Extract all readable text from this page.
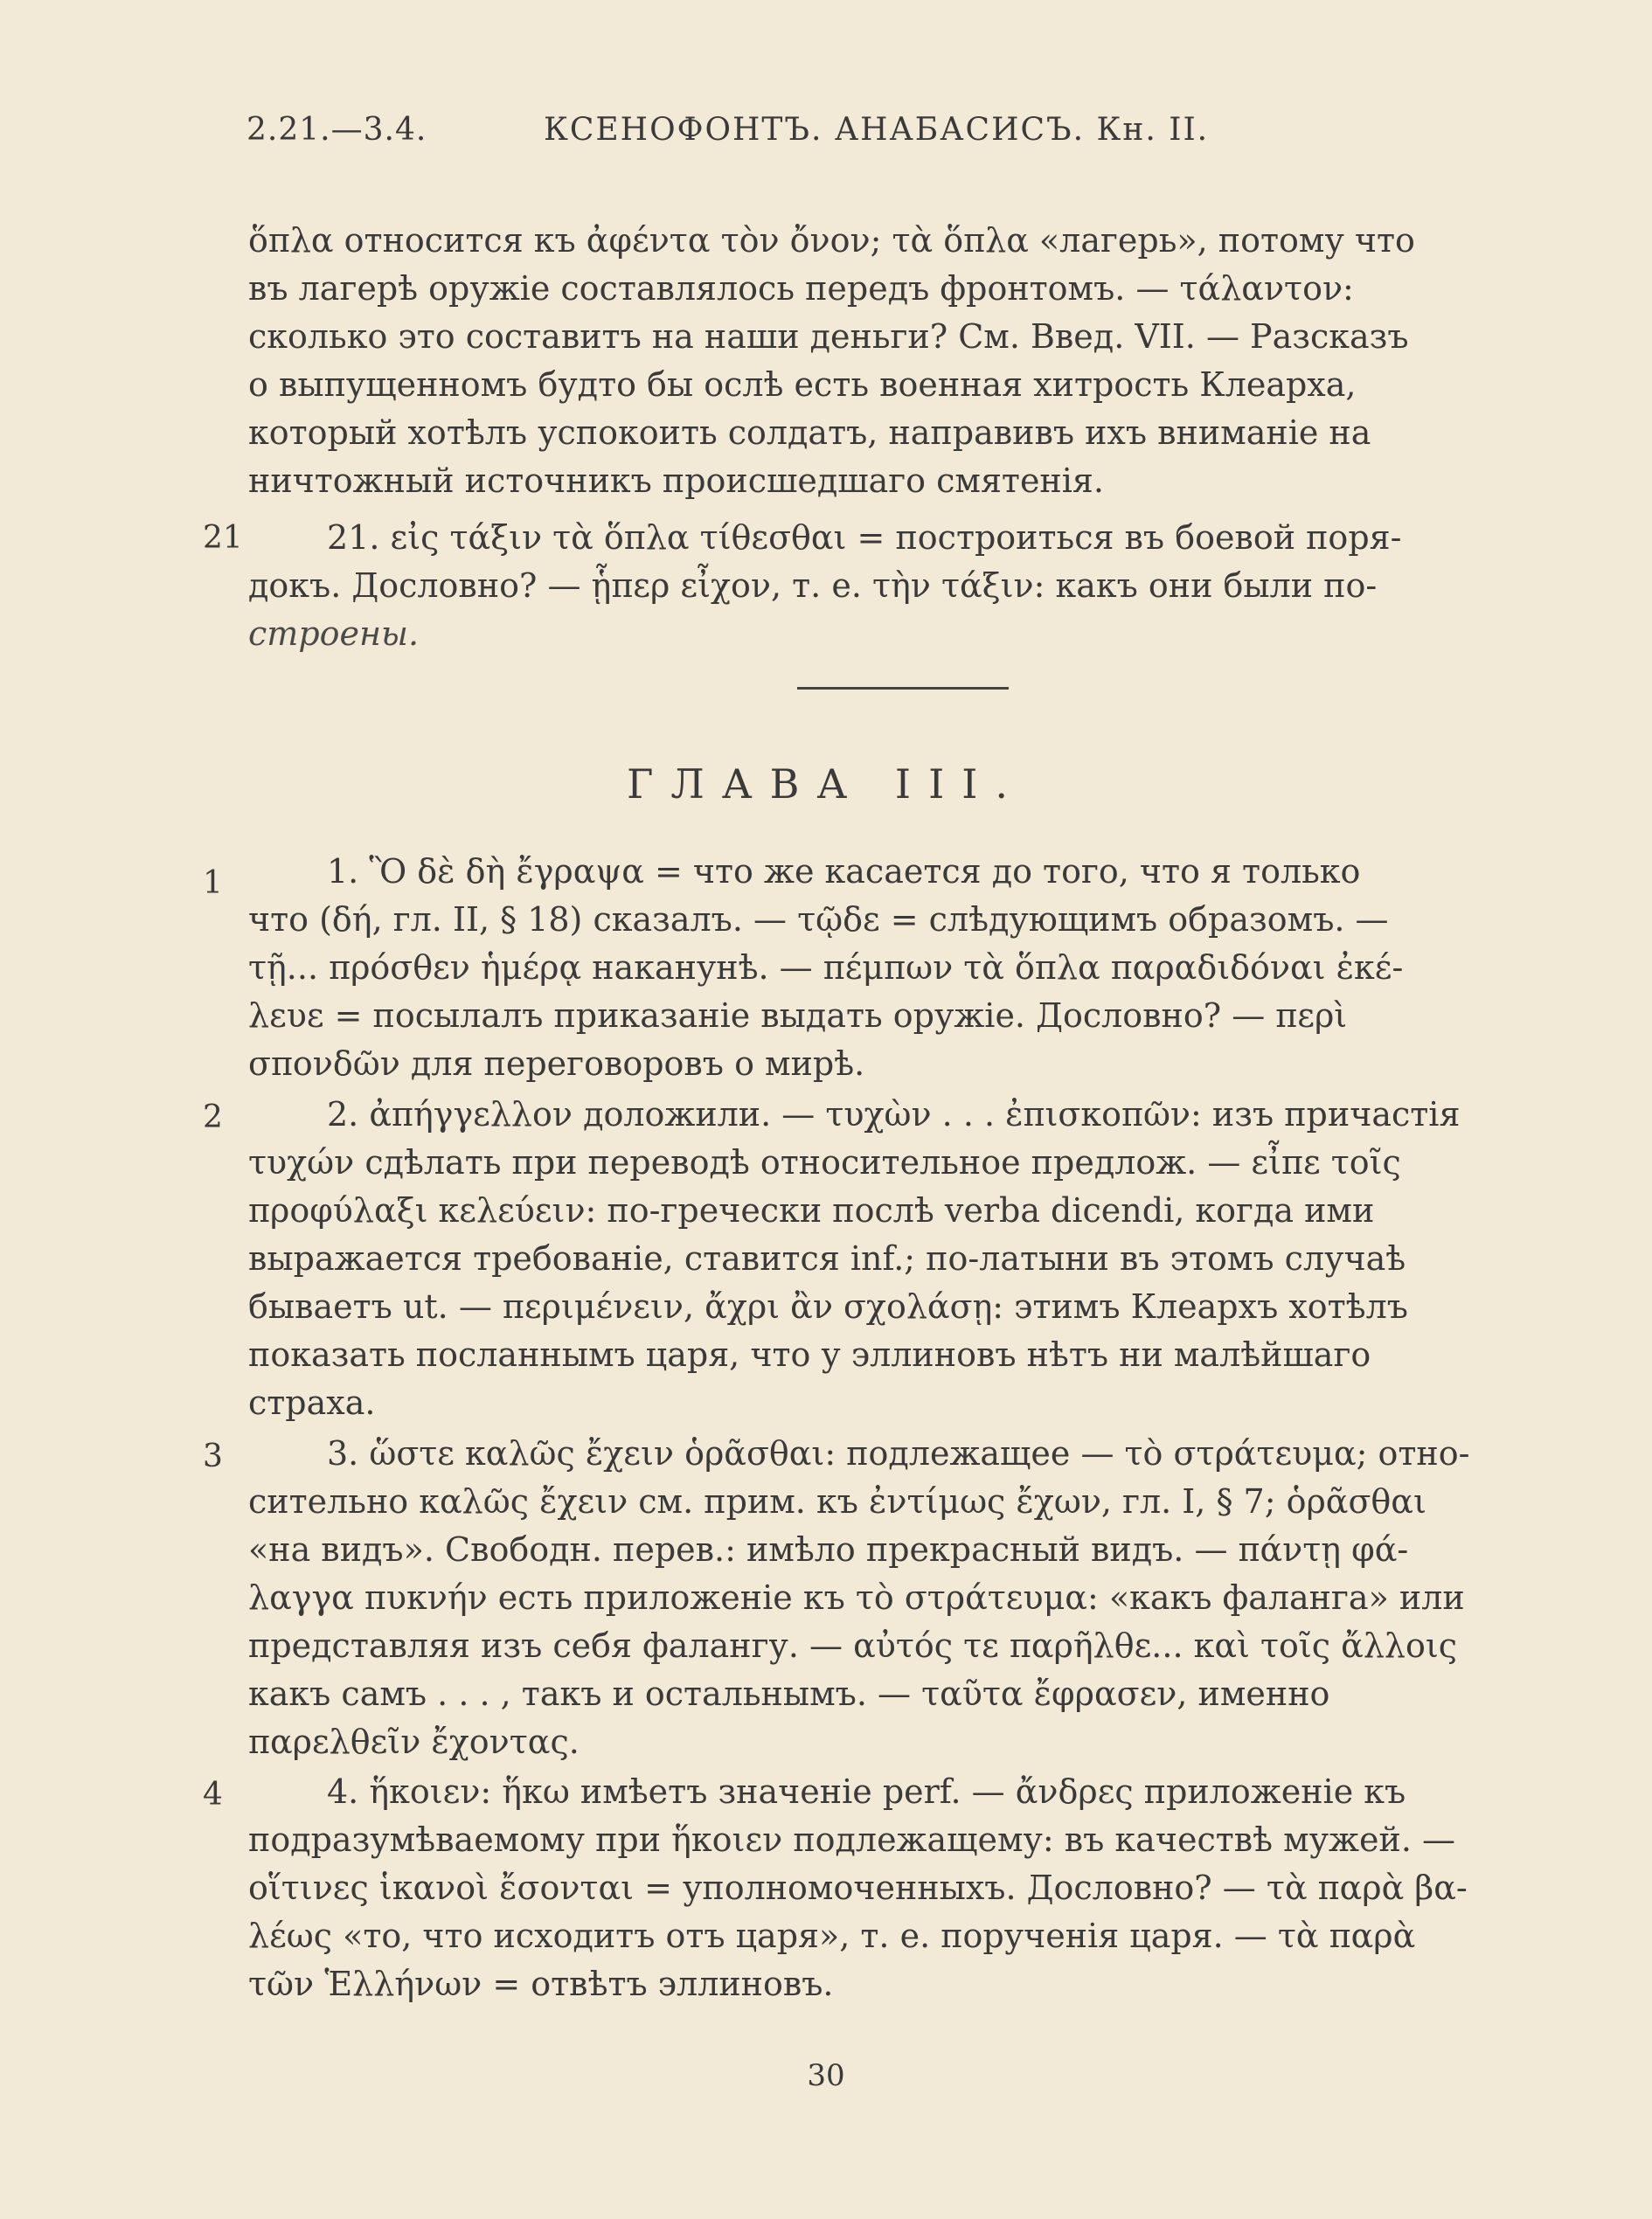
2.21.—3.4.	КСЕНОФОНТЪ. АНАБАСИСЪ. Кн. II.
ὅπλα относится къ ἀφέντα τὸν ὄνον; τὰ ὅπλα «лагерь», потому что
въ лагерѣ оружіе составлялось передъ фронтомъ. — τάλαντον:
сколько это составитъ на наши деньги? См. Введ. VII. — Разсказъ
о выпущенномъ будто бы ослѣ есть военная хитрость Клеарха,
который хотѣлъ успокоить солдатъ, направивъ ихъ вниманіе на
ничтожный источникъ происшедшаго смятенія.
21	21. εἰς τάξιν τὰ ὅπλα τίθεσθαι = построиться въ боевой поря-
докъ. Дословно? — ᾗπερ εἶχον, т. е. τὴν τάξιν: какъ они были по-
строены.
ГЛАВА III.
1	1. Ὃ δὲ δὴ ἔγραψα = что же касается до того, что я только
что (δή, гл. II, § 18) сказалъ. — τῷδε = слѣдующимъ образомъ. —
τῇ... πρόσθεν ἡμέρᾳ наканунѣ. — πέμπων τὰ ὅπλα παραδιδόναι ἐκέ-
λευε = посылалъ приказаніе выдать оружіе. Дословно? — περὶ
σπονδῶν для переговоровъ о мирѣ.
2	2. ἀπήγγελλον доложили. — τυχὼν . . . ἐπισκοπῶν: изъ причастія
τυχών сдѣлать при переводѣ относительное предлож. — εἶπε τοῖς
προφύλαξι κελεύειν: по-гречески послѣ verba dicendi, когда ими
выражается требованіе, ставится inf.; по-латыни въ этомъ случаѣ
бываетъ ut. — περιμένειν, ἄχρι ἂν σχολάσῃ: этимъ Клеархъ хотѣлъ
показать посланнымъ царя, что у эллиновъ нѣтъ ни малѣйшаго
страха.
3	3. ὥστε καλῶς ἔχειν ὁρᾶσθαι: подлежащее — τὸ στράτευμα; отно-
сительно καλῶς ἔχειν см. прим. къ ἐντίμως ἔχων, гл. I, § 7; ὁρᾶσθαι
«на видъ». Свободн. перев.: имѣло прекрасный видъ. — πάντῃ φά-
λαγγα πυκνήν есть приложеніе къ τὸ στράτευμα: «какъ фаланга» или
представляя изъ себя фалангу. — αὐτός τε παρῆλθε... καὶ τοῖς ἄλλοις
какъ самъ . . . , такъ и остальнымъ. — ταῦτα ἔφρασεν, именно
παρελθεῖν ἔχοντας.
4	4. ἥκοιεν: ἥκω имѣетъ значеніе perf. — ἄνδρες приложеніе къ
подразумѣваемому при ἥκοιεν подлежащему: въ качествѣ мужей. —
οἵτινες ἱκανοὶ ἔσονται = уполномоченныхъ. Дословно? — τὰ παρὰ βα-
λέως «то, что исходитъ отъ царя», т. е. порученія царя. — τὰ παρὰ
τῶν Ἑλλήνων = отвѣтъ эллиновъ.
30
